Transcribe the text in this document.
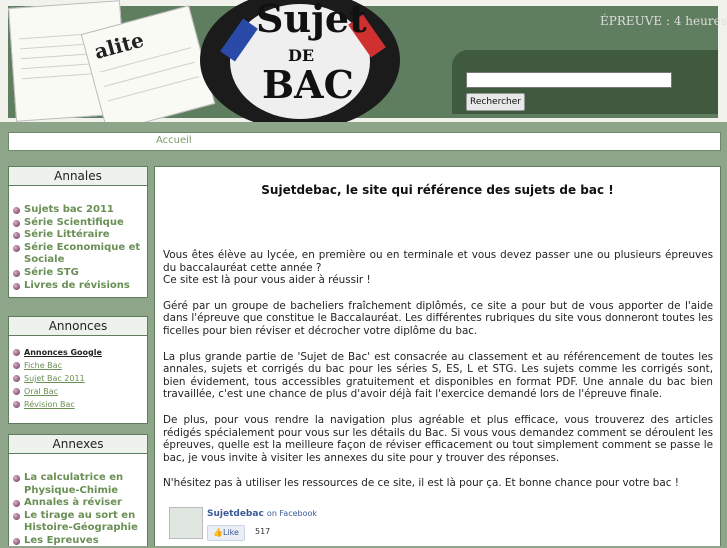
alite
Sujet
DE
BAC
ÉPREUVE : 4 heures
Rechercher
Accueil
Annales
Sujets bac 2011
Série Scientifique
Série Littéraire
Série Economique et Sociale
Série STG
Livres de révisions
Annonces
Annonces Google
Fiche Bac
Sujet Bac 2011
Oral Bac
Révision Bac
Annexes
La calculatrice en Physique-Chimie
Annales à réviser
Le tirage au sort en Histoire-Géographie
Les Epreuves
Sujetdebac, le site qui référence des sujets de bac !

Vous êtes élève au lycée, en première ou en terminale et vous devez passer une ou plusieurs épreuves du baccalauréat cette année ?
Ce site est là pour vous aider à réussir !

Géré par un groupe de bacheliers fraîchement diplômés, ce site a pour but de vous apporter de l'aide dans l'épreuve que constitue le Baccalauréat. Les différentes rubriques du site vous donneront toutes les ficelles pour bien réviser et décrocher votre diplôme du bac.

La plus grande partie de 'Sujet de Bac' est consacrée au classement et au référencement de toutes les annales, sujets et corrigés du bac pour les séries S, ES, L et STG. Les sujets comme les corrigés sont, bien évidement, tous accessibles gratuitement et disponibles en format PDF. Une annale du bac bien travaillée, c'est une chance de plus d'avoir déjà fait l'exercice demandé lors de l'épreuve finale.

De plus, pour vous rendre la navigation plus agréable et plus efficace, vous trouverez des articles rédigés spécialement pour vous sur les détails du Bac. Si vous vous demandez comment se déroulent les épreuves, quelle est la meilleure façon de réviser efficacement ou tout simplement comment se passe le bac, je vous invite à visiter les annexes du site pour y trouver des réponses.

N'hésitez pas à utiliser les ressources de ce site, il est là pour ça. Et bonne chance pour votre bac !

Sujetdebac on Facebook
👍Like	517
